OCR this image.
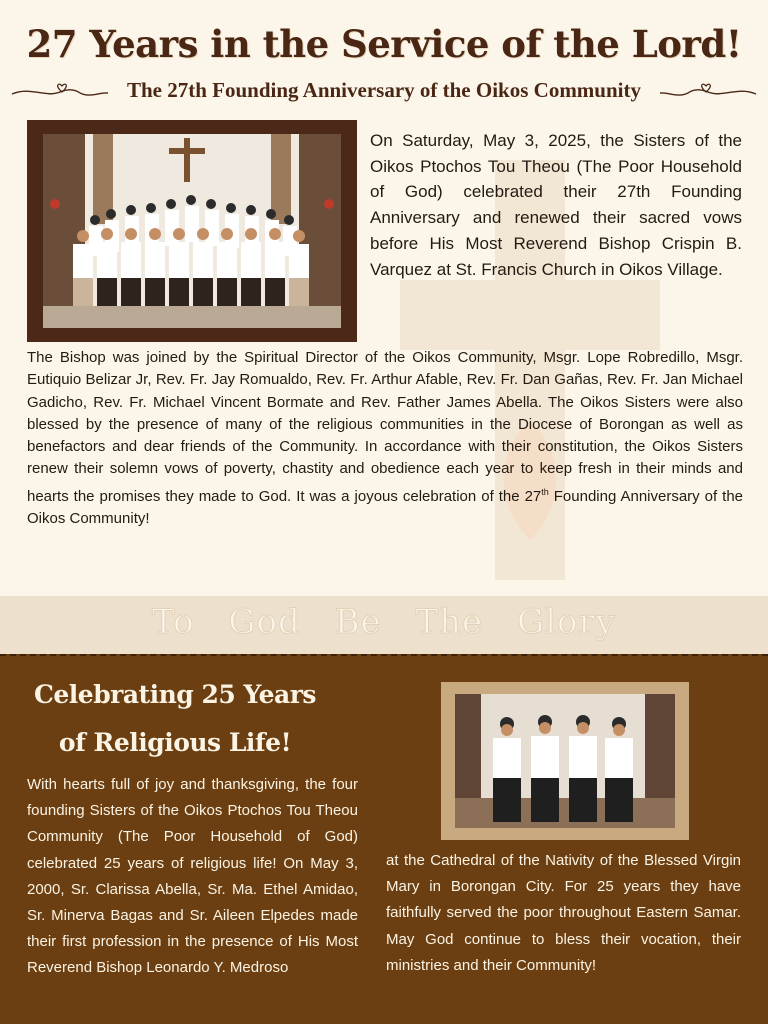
27 Years in the Service of the Lord!
The 27th Founding Anniversary of the Oikos Community

On Saturday, May 3, 2025, the Sisters of the Oikos Ptochos Tou Theou (The Poor Household of God) celebrated their 27th Founding Anniversary and renewed their sacred vows before His Most Reverend Bishop Crispin B. Varquez at St. Francis Church in Oikos Village.

The Bishop was joined by the Spiritual Director of the Oikos Community, Msgr. Lope Robredillo, Msgr. Eutiquio Belizar Jr, Rev. Fr. Jay Romualdo, Rev. Fr. Arthur Afable, Rev. Fr. Dan Gañas, Rev. Fr. Jan Michael Gadicho, Rev. Fr. Michael Vincent Bormate and Rev. Father James Abella. The Oikos Sisters were also blessed by the presence of many of the religious communities in the Diocese of Borongan as well as benefactors and dear friends of the Community. In accordance with their constitution, the Oikos Sisters renew their solemn vows of poverty, chastity and obedience each year to keep fresh in their minds and hearts the promises they made to God. It was a joyous celebration of the 27th Founding Anniversary of the Oikos Community!

To God Be The Glory
Celebrating 25 Years
of Religious Life!

With hearts full of joy and thanksgiving, the four founding Sisters of the Oikos Ptochos Tou Theou Community (The Poor Household of God) celebrated 25 years of religious life! On May 3, 2000, Sr. Clarissa Abella, Sr. Ma. Ethel Amidao, Sr. Minerva Bagas and Sr. Aileen Elpedes made their first profession in the presence of His Most Reverend Bishop Leonardo Y. Medroso

at the Cathedral of the Nativity of the Blessed Virgin Mary in Borongan City. For 25 years they have faithfully served the poor throughout Eastern Samar. May God continue to bless their vocation, their ministries and their Community!
